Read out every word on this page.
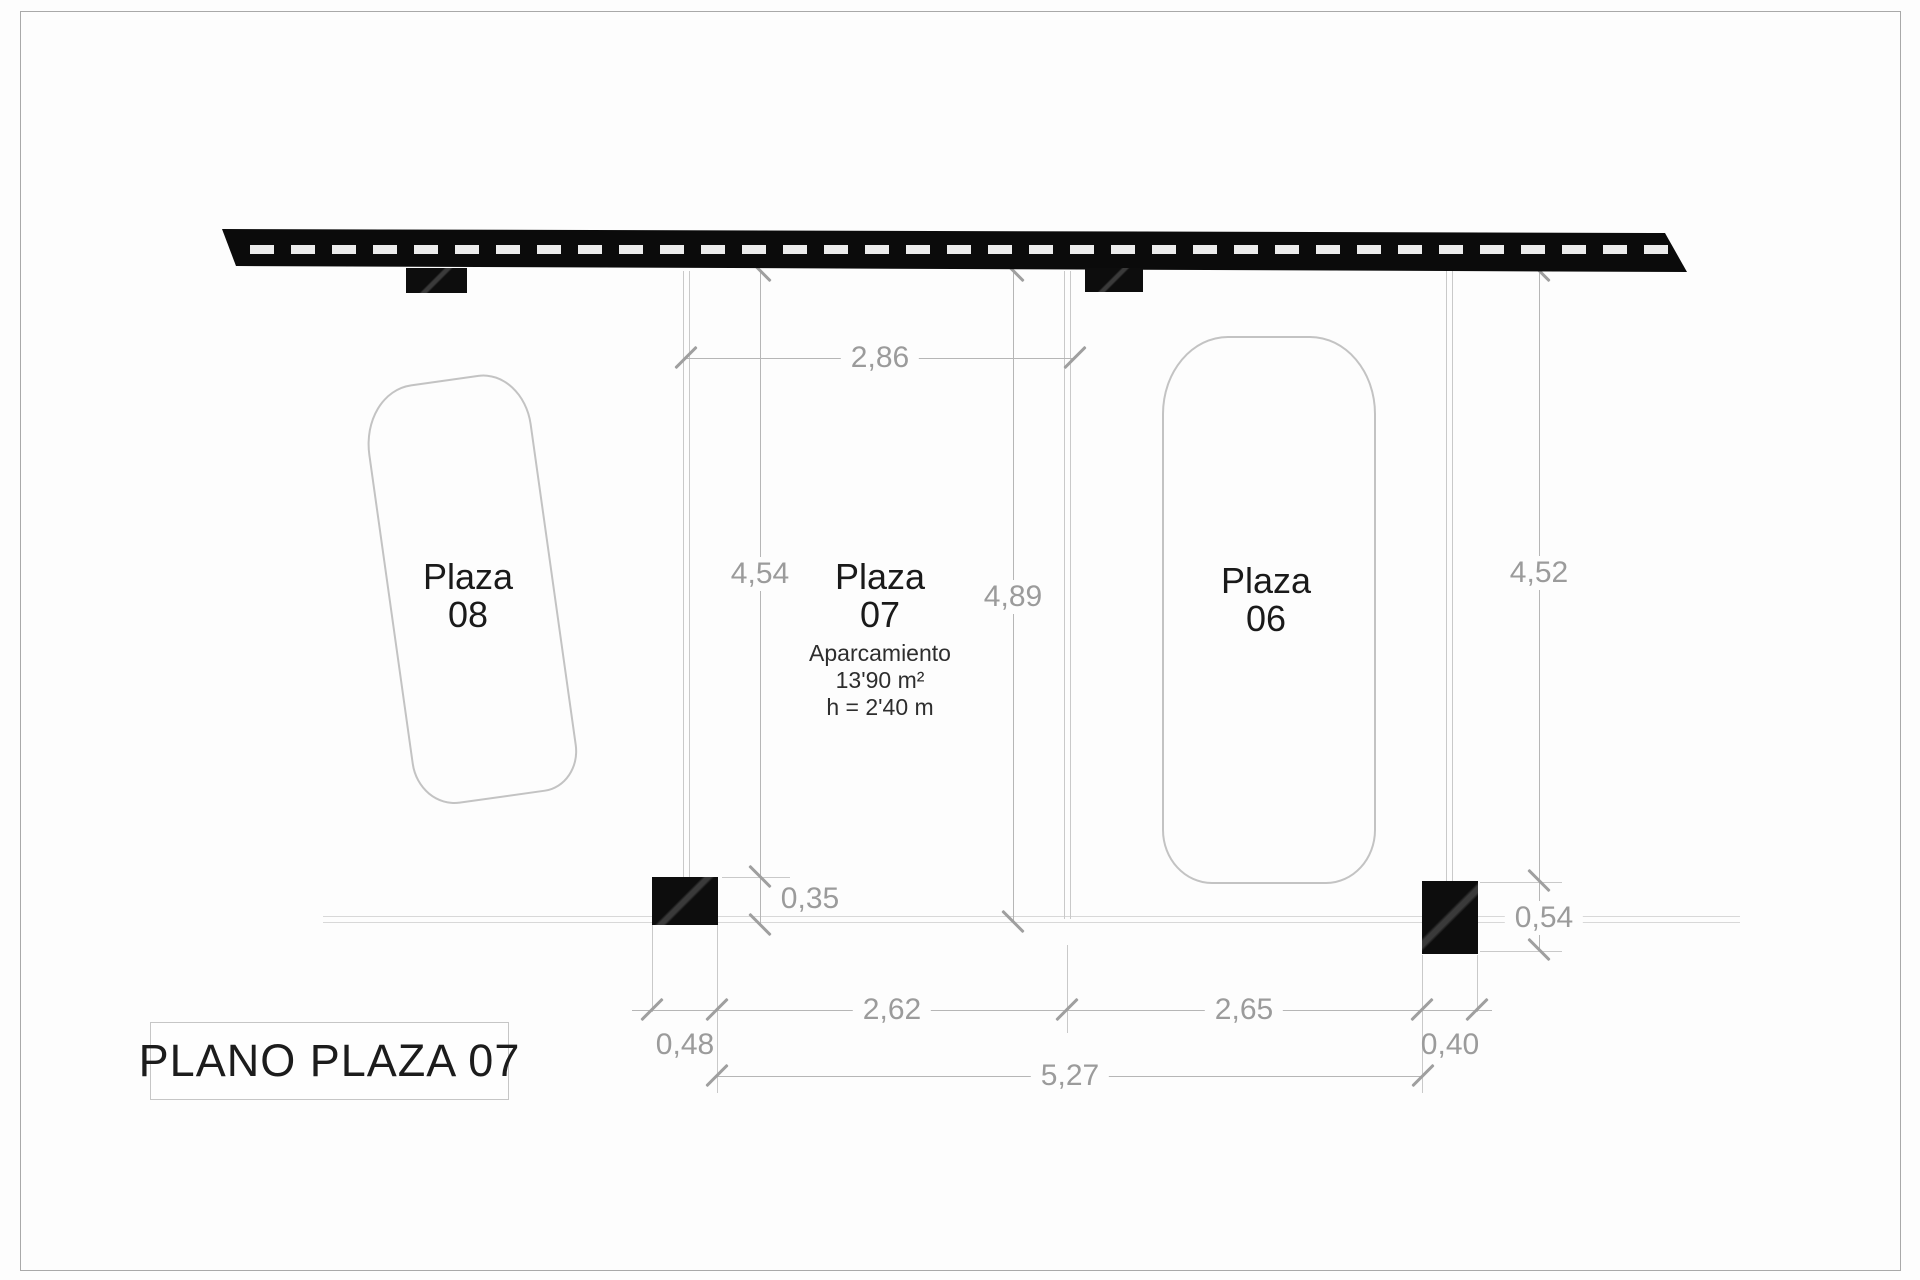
Plaza
08
Plaza
07
Aparcamiento
13'90 m²
h = 2'40 m
Plaza
06
2,86
4,54
4,89
4,52
0,35
0,54
2,62	2,65
0,48	0,40
5,27
PLANO PLAZA 07
